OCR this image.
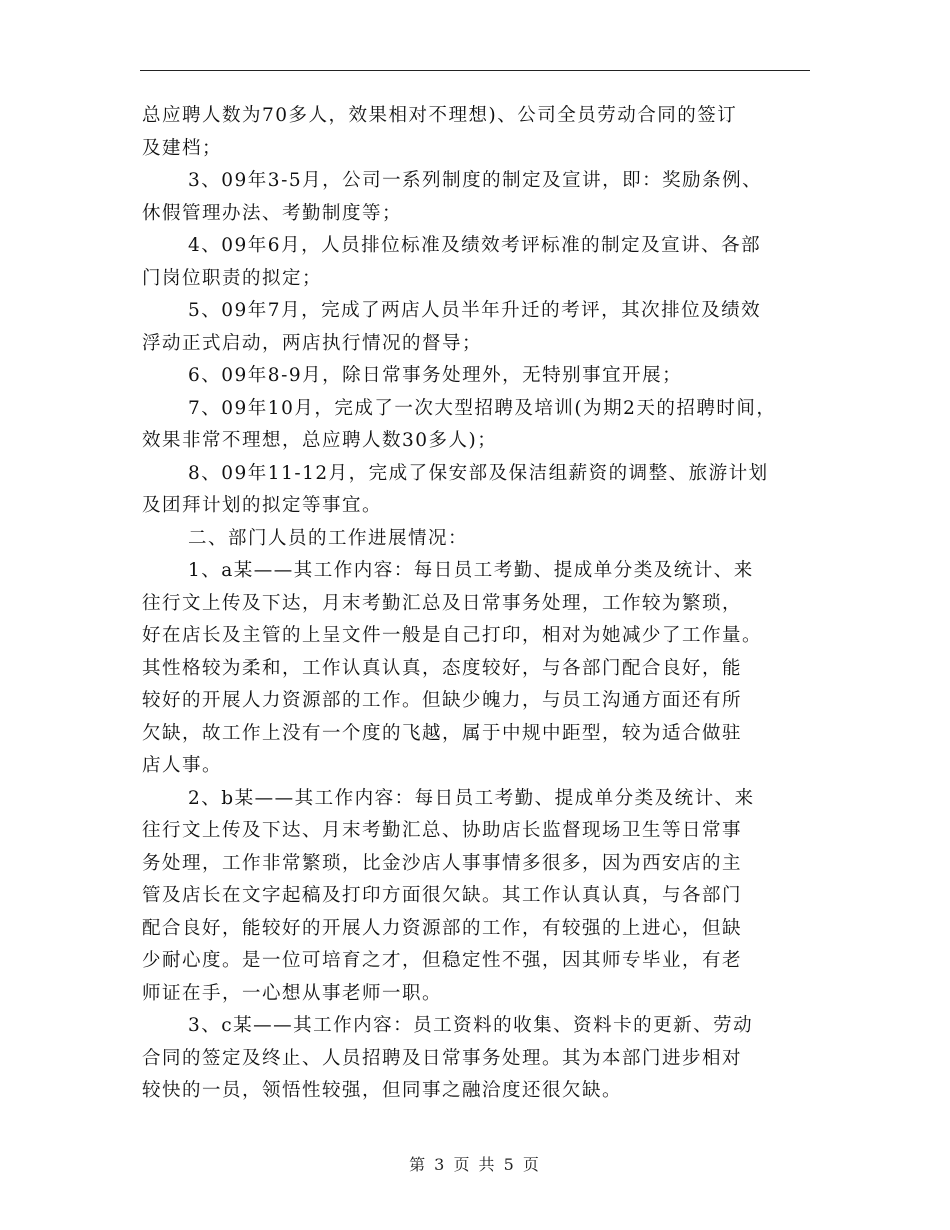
总应聘人数为70多人，效果相对不理想)、公司全员劳动合同的签订
及建档；
3、09年3-5月，公司一系列制度的制定及宣讲，即：奖励条例、
休假管理办法、考勤制度等；
4、09年6月，人员排位标准及绩效考评标准的制定及宣讲、各部
门岗位职责的拟定；
5、09年7月，完成了两店人员半年升迁的考评，其次排位及绩效
浮动正式启动，两店执行情况的督导；
6、09年8-9月，除日常事务处理外，无特别事宜开展；
7、09年10月，完成了一次大型招聘及培训(为期2天的招聘时间，
效果非常不理想，总应聘人数30多人)；
8、09年11-12月，完成了保安部及保洁组薪资的调整、旅游计划
及团拜计划的拟定等事宜。
二、部门人员的工作进展情况：
1、a某——其工作内容：每日员工考勤、提成单分类及统计、来
往行文上传及下达，月末考勤汇总及日常事务处理，工作较为繁琐，
好在店长及主管的上呈文件一般是自己打印，相对为她减少了工作量。
其性格较为柔和，工作认真认真，态度较好，与各部门配合良好，能
较好的开展人力资源部的工作。但缺少魄力，与员工沟通方面还有所
欠缺，故工作上没有一个度的飞越，属于中规中距型，较为适合做驻
店人事。
2、b某——其工作内容：每日员工考勤、提成单分类及统计、来
往行文上传及下达、月末考勤汇总、协助店长监督现场卫生等日常事
务处理，工作非常繁琐，比金沙店人事事情多很多，因为西安店的主
管及店长在文字起稿及打印方面很欠缺。其工作认真认真，与各部门
配合良好，能较好的开展人力资源部的工作，有较强的上进心，但缺
少耐心度。是一位可培育之才，但稳定性不强，因其师专毕业，有老
师证在手，一心想从事老师一职。
3、c某——其工作内容：员工资料的收集、资料卡的更新、劳动
合同的签定及终止、人员招聘及日常事务处理。其为本部门进步相对
较快的一员，领悟性较强，但同事之融洽度还很欠缺。
第 3 页 共 5 页
